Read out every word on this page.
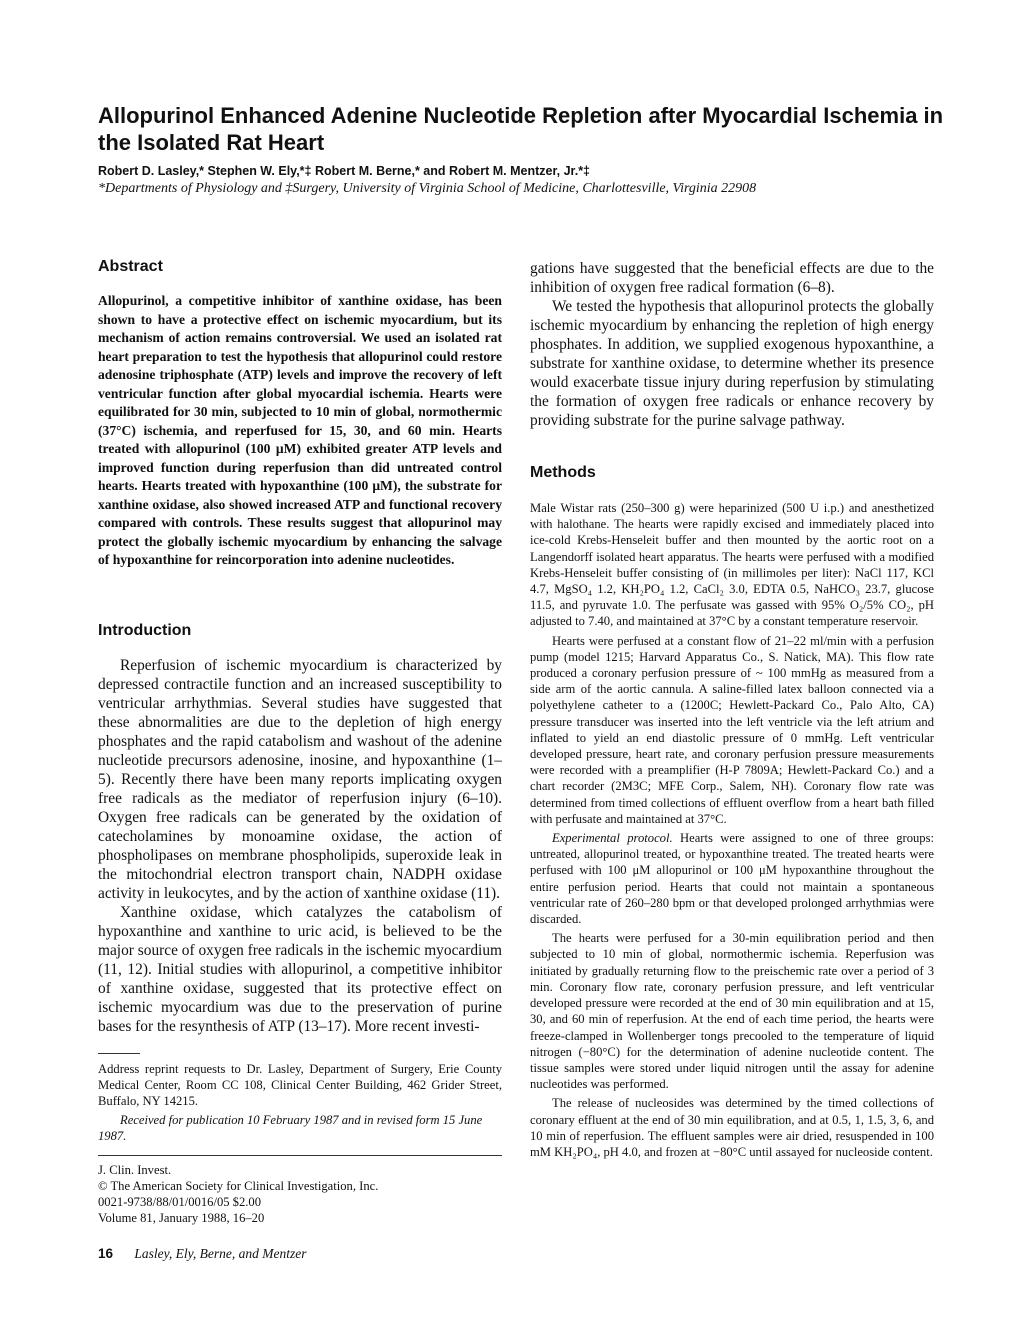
Allopurinol Enhanced Adenine Nucleotide Repletion after Myocardial Ischemia in the Isolated Rat Heart
Robert D. Lasley,* Stephen W. Ely,*‡ Robert M. Berne,* and Robert M. Mentzer, Jr.*‡
*Departments of Physiology and ‡Surgery, University of Virginia School of Medicine, Charlottesville, Virginia 22908
Abstract

Allopurinol, a competitive inhibitor of xanthine oxidase, has been shown to have a protective effect on ischemic myocardium, but its mechanism of action remains controversial. We used an isolated rat heart preparation to test the hypothesis that allopurinol could restore adenosine triphosphate (ATP) levels and improve the recovery of left ventricular function after global myocardial ischemia. Hearts were equilibrated for 30 min, subjected to 10 min of global, normothermic (37°C) ischemia, and reperfused for 15, 30, and 60 min. Hearts treated with allopurinol (100 μM) exhibited greater ATP levels and improved function during reperfusion than did untreated control hearts. Hearts treated with hypoxanthine (100 μM), the substrate for xanthine oxidase, also showed increased ATP and functional recovery compared with controls. These results suggest that allopurinol may protect the globally ischemic myocardium by enhancing the salvage of hypoxanthine for reincorporation into adenine nucleotides.

Introduction

Reperfusion of ischemic myocardium is characterized by depressed contractile function and an increased susceptibility to ventricular arrhythmias. Several studies have suggested that these abnormalities are due to the depletion of high energy phosphates and the rapid catabolism and washout of the adenine nucleotide precursors adenosine, inosine, and hypoxanthine (1–5). Recently there have been many reports implicating oxygen free radicals as the mediator of reperfusion injury (6–10). Oxygen free radicals can be generated by the oxidation of catecholamines by monoamine oxidase, the action of phospholipases on membrane phospholipids, superoxide leak in the mitochondrial electron transport chain, NADPH oxidase activity in leukocytes, and by the action of xanthine oxidase (11).

Xanthine oxidase, which catalyzes the catabolism of hypoxanthine and xanthine to uric acid, is believed to be the major source of oxygen free radicals in the ischemic myocardium (11, 12). Initial studies with allopurinol, a competitive inhibitor of xanthine oxidase, suggested that its protective effect on ischemic myocardium was due to the preservation of purine bases for the resynthesis of ATP (13–17). More recent investi-

Address reprint requests to Dr. Lasley, Department of Surgery, Erie County Medical Center, Room CC 108, Clinical Center Building, 462 Grider Street, Buffalo, NY 14215.

Received for publication 10 February 1987 and in revised form 15 June 1987.

J. Clin. Invest.

© The American Society for Clinical Investigation, Inc.

0021-9738/88/01/0016/05 $2.00

Volume 81, January 1988, 16–20

gations have suggested that the beneficial effects are due to the inhibition of oxygen free radical formation (6–8).

We tested the hypothesis that allopurinol protects the globally ischemic myocardium by enhancing the repletion of high energy phosphates. In addition, we supplied exogenous hypoxanthine, a substrate for xanthine oxidase, to determine whether its presence would exacerbate tissue injury during reperfusion by stimulating the formation of oxygen free radicals or enhance recovery by providing substrate for the purine salvage pathway.

Methods

Male Wistar rats (250–300 g) were heparinized (500 U i.p.) and anesthetized with halothane. The hearts were rapidly excised and immediately placed into ice-cold Krebs-Henseleit buffer and then mounted by the aortic root on a Langendorff isolated heart apparatus. The hearts were perfused with a modified Krebs-Henseleit buffer consisting of (in millimoles per liter): NaCl 117, KCl 4.7, MgSO₄ 1.2, KH₂PO₄ 1.2, CaCl₂ 3.0, EDTA 0.5, NaHCO₃ 23.7, glucose 11.5, and pyruvate 1.0. The perfusate was gassed with 95% O₂/5% CO₂, pH adjusted to 7.40, and maintained at 37°C by a constant temperature reservoir.

Hearts were perfused at a constant flow of 21–22 ml/min with a perfusion pump (model 1215; Harvard Apparatus Co., S. Natick, MA). This flow rate produced a coronary perfusion pressure of ~ 100 mmHg as measured from a side arm of the aortic cannula. A saline-filled latex balloon connected via a polyethylene catheter to a (1200C; Hewlett-Packard Co., Palo Alto, CA) pressure transducer was inserted into the left ventricle via the left atrium and inflated to yield an end diastolic pressure of 0 mmHg. Left ventricular developed pressure, heart rate, and coronary perfusion pressure measurements were recorded with a preamplifier (H-P 7809A; Hewlett-Packard Co.) and a chart recorder (2M3C; MFE Corp., Salem, NH). Coronary flow rate was determined from timed collections of effluent overflow from a heart bath filled with perfusate and maintained at 37°C.

Experimental protocol. Hearts were assigned to one of three groups: untreated, allopurinol treated, or hypoxanthine treated. The treated hearts were perfused with 100 μM allopurinol or 100 μM hypoxanthine throughout the entire perfusion period. Hearts that could not maintain a spontaneous ventricular rate of 260–280 bpm or that developed prolonged arrhythmias were discarded.

The hearts were perfused for a 30-min equilibration period and then subjected to 10 min of global, normothermic ischemia. Reperfusion was initiated by gradually returning flow to the preischemic rate over a period of 3 min. Coronary flow rate, coronary perfusion pressure, and left ventricular developed pressure were recorded at the end of 30 min equilibration and at 15, 30, and 60 min of reperfusion. At the end of each time period, the hearts were freeze-clamped in Wollenberger tongs precooled to the temperature of liquid nitrogen (−80°C) for the determination of adenine nucleotide content. The tissue samples were stored under liquid nitrogen until the assay for adenine nucleotides was performed.

The release of nucleosides was determined by the timed collections of coronary effluent at the end of 30 min equilibration, and at 0.5, 1, 1.5, 3, 6, and 10 min of reperfusion. The effluent samples were air dried, resuspended in 100 mM KH₂PO₄, pH 4.0, and frozen at −80°C until assayed for nucleoside content.

16 Lasley, Ely, Berne, and Mentzer
